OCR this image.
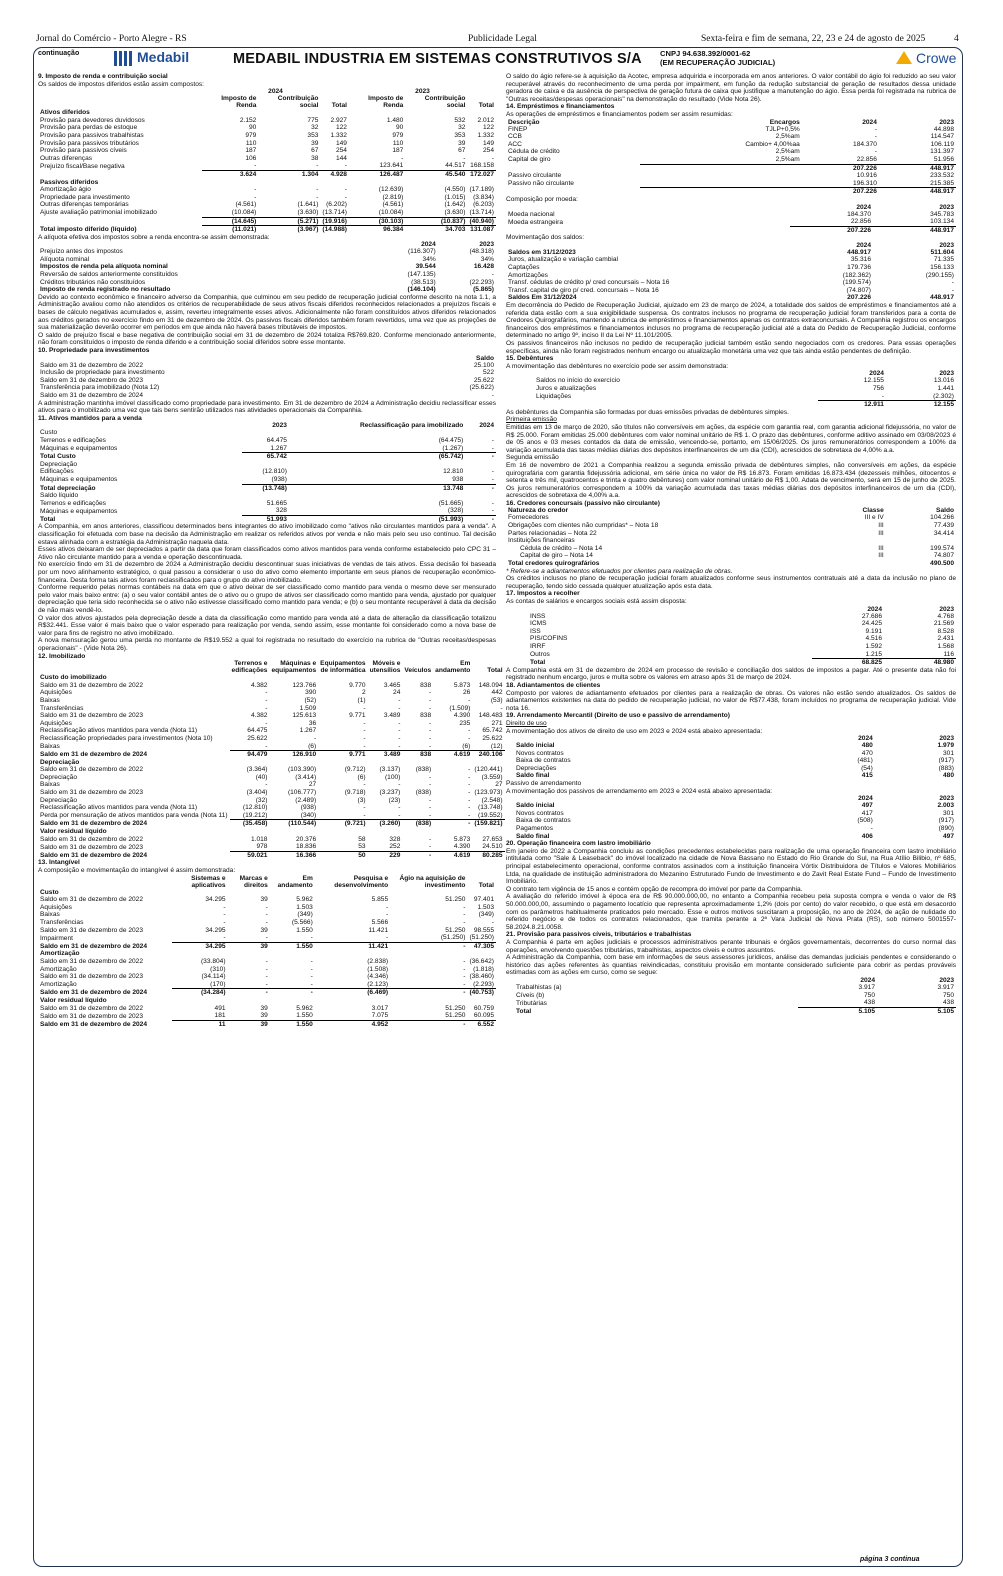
Jornal do Comércio - Porto Alegre - RS	Publicidade Legal	Sexta-feira e fim de semana, 22, 23 e 24 de agosto de 2025	4
continuação	Medabil	MEDABIL INDUSTRIA EM SISTEMAS CONSTRUTIVOS S/A CNPJ 94.638.392/0001-62
(EM RECUPERAÇÃO JUDICIAL)	Crowe
9. Imposto de renda e contribuição social
Os saldos de impostos diferidos estão assim compostos:
	2024			2023		
	Imposto de Renda	Contribuição social	Total	Imposto de Renda	Contribuição social	Total
Ativos diferidos						
Provisão para devedores duvidosos	2.152	775	2.927	1.480	532	2.012
Provisão para perdas de estoque	90	32	122	90	32	122
Provisão para passivos trabalhistas	979	353	1.332	979	353	1.332
Provisão para passivos tributários	110	39	149	110	39	149
Provisão para passivos cíveis	187	67	254	187	67	254
Outras diferenças	106	38	144	-	-	-
Prejuízo fiscal/Base negativa	-	-	-	123.641	44.517	168.158
	3.624	1.304	4.928	126.487	45.540	172.027
Passivos diferidos						
Amortização ágio	-	-	-	(12.639)	(4.550)	(17.189)
Propriedade para investimento	-	-	-	(2.819)	(1.015)	(3.834)
Outras diferenças temporárias	(4.561)	(1.641)	(6.202)	(4.561)	(1.642)	(6.203)
Ajuste avaliação patrimonial imobilizado	(10.084)	(3.630)	(13.714)	(10.084)	(3.630)	(13.714)
	(14.645)	(5.271)	(19.916)	(30.103)	(10.837)	(40.940)
Total imposto diferido (líquido)	(11.021)	(3.967)	(14.988)	96.384	34.703	131.087
A alíquota efetiva dos impostos sobre a renda encontra-se assim demonstrada:
	2024	2023
Prejuízo antes dos impostos	(116.307)	(48.318)
Alíquota nominal	34%	34%
Impostos de renda pela alíquota nominal	39.544	16.428
Reversão de saldos anteriormente constituídos	(147.135)	-
Créditos tributários não constituídos	(38.513)	(22.293)
Imposto de renda registrado no resultado	(146.104)	(5.865)

Devido ao contexto econômico e financeiro adverso da Companhia, que culminou em seu pedido de recuperação judicial conforme descrito na nota 1.1, a Administração avaliou como não atendidos os critérios de recuperabilidade de seus ativos fiscais diferidos reconhecidos relacionados a prejuízos fiscais e bases de cálculo negativas acumulados e, assim, reverteu integralmente esses ativos. Adicionalmente não foram constituídos ativos diferidos relacionados aos créditos gerados no exercício findo em 31 de dezembro de 2024. Os passivos fiscais diferidos também foram revertidos, uma vez que as projeções de sua materialização deverão ocorrer em períodos em que ainda não haverá bases tributáveis de impostos.

O saldo de prejuízo fiscal e base negativa de contribuição social em 31 de dezembro de 2024 totaliza R$769.820. Conforme mencionado anteriormente, não foram constituídos o imposto de renda diferido e a contribuição social diferidos sobre esse montante.

10. Propriedade para investimentos
	Saldo
Saldo em 31 de dezembro de 2022	25.100
Inclusão de propriedade para investimento	522
Saldo em 31 de dezembro de 2023	25.622
Transferência para imobilizado (Nota 12)	(25.622)
Saldo em 31 de dezembro de 2024	-

A administração mantinha imóvel classificado como propriedade para investimento. Em 31 de dezembro de 2024 a Administração decidiu reclassificar esses ativos para o imobilizado uma vez que tais bens sentirão utilizados nas atividades operacionais da Companhia.

11. Ativos mantidos para a venda
	2023	Reclassificação para imobilizado	2024
Custo			
Terrenos e edificações	64.475	(64.475)	-
Máquinas e equipamentos	1.267	(1.267)	-
Total Custo	65.742	(65.742)	-
Depreciação			
Edificações	(12.810)	12.810	-
Máquinas e equipamentos	(938)	938	-
Total depreciação	(13.748)	13.748	-
Saldo líquido			
Terrenos e edificações	51.665	(51.665)	-
Máquinas e equipamentos	328	(328)	-
Total	51.993	(51.993)	-

A Companhia, em anos anteriores, classificou determinados bens integrantes do ativo imobilizado como "ativos não circulantes mantidos para a venda". A classificação foi efetuada com base na decisão da Administração em realizar os referidos ativos por venda e não mais pelo seu uso contínuo. Tal decisão estava alinhada com a estratégia da Administração naquela data.

Esses ativos deixaram de ser depreciados a partir da data que foram classificados como ativos mantidos para venda conforme estabelecido pelo CPC 31 – Ativo não circulante mantido para a venda e operação descontinuada.

No exercício findo em 31 de dezembro de 2024 a Administração decidiu descontinuar suas iniciativas de vendas de tais ativos. Essa decisão foi baseada por um novo alinhamento estratégico, o qual passou a considerar o uso do ativo como elemento importante em seus planos de recuperação econômico-financeira. Desta forma tais ativos foram reclassificados para o grupo do ativo imobilizado.

Conforme requerido pelas normas contábeis na data em que o ativo deixar de ser classificado como mantido para venda o mesmo deve ser mensurado pelo valor mais baixo entre: (a) o seu valor contábil antes de o ativo ou o grupo de ativos ser classificado como mantido para venda, ajustado por qualquer depreciação que teria sido reconhecida se o ativo não estivesse classificado como mantido para venda; e (b) o seu montante recuperável à data da decisão de não mais vendê-lo.

O valor dos ativos ajustados pela depreciação desde a data da classificação como mantido para venda até a data de alteração da classificação totalizou R$32.441. Esse valor é mais baixo que o valor esperado para realização por venda, sendo assim, esse montante foi considerado como a nova base de valor para fins de registro no ativo imobilizado.

A nova mensuração gerou uma perda no montante de R$19.552 a qual foi registrada no resultado do exercício na rubrica de "Outras receitas/despesas operacionais" - (Vide Nota 26).

12. Imobilizado
	Terrenos e edificações	Máquinas e equipamentos	Equipamentos de informática	Móveis e utensílios	Veículos	Em andamento	Total
Custo do imobilizado							
Saldo em 31 de dezembro de 2022	4.382	123.766	9.770	3.465	838	5.873	148.094
Aquisições	-	390	2	24	-	26	442
Baixas	-	(52)	(1)	-	-	-	(53)
Transferências	-	1.509	-	-	-	(1.509)	-
Saldo em 31 de dezembro de 2023	4.382	125.613	9.771	3.489	838	4.390	148.483
Aquisições	-	36	-	-	-	235	271
Reclassificação ativos mantidos para venda (Nota 11)	64.475	1.267	-	-	-	-	65.742
Reclassificação propriedades para investimentos (Nota 10)	25.622	-	-	-	-	-	25.622
Baixas	-	(6)	-	-	-	(6)	(12)
Saldo em 31 de dezembro de 2024	94.479	126.910	9.771	3.489	838	4.619	240.106
Depreciação							
Saldo em 31 de dezembro de 2022	(3.364)	(103.390)	(9.712)	(3.137)	(838)	-	(120.441)
Depreciação	(40)	(3.414)	(6)	(100)	-	-	(3.559)
Baixas	-	27	-	-	-	-	27
Saldo em 31 de dezembro de 2023	(3.404)	(106.777)	(9.718)	(3.237)	(838)	-	(123.973)
Depreciação	(32)	(2.489)	(3)	(23)	-	-	(2.548)
Reclassificação ativos mantidos para venda (Nota 11)	(12.810)	(938)	-	-	-	-	(13.748)
Perda por mensuração de ativos mantidos para venda (Nota 11)	(19.212)	(340)	-	-	-	-	(19.552)
Saldo em 31 de dezembro de 2024	(35.458)	(110.544)	(9.721)	(3.260)	(838)	-	(159.821)
Valor residual líquido							
Saldo em 31 de dezembro de 2022	1.018	20.376	58	328	-	5.873	27.653
Saldo em 31 de dezembro de 2023	978	18.836	53	252	-	4.390	24.510
Saldo em 31 de dezembro de 2024	59.021	16.366	50	229	-	4.619	80.285
13. Intangível
A composição e movimentação do intangível é assim demonstrada:
	Sistemas e aplicativos	Marcas e direitos	Em andamento	Pesquisa e desenvolvimento	Ágio na aquisição de investimento	Total
Custo						
Saldo em 31 de dezembro de 2022	34.295	39	5.962	5.855	51.250	97.401
Aquisições	-	-	1.503	-	-	1.503
Baixas	-	-	(349)	-	-	(349)
Transferências	-	-	(5.566)	5.566	-	-
Saldo em 31 de dezembro de 2023	34.295	39	1.550	11.421	51.250	98.555
Impairment	-	-	-	-	(51.250)	(51.250)
Saldo em 31 de dezembro de 2024	34.295	39	1.550	11.421	-	47.305
Amortização						
Saldo em 31 de dezembro de 2022	(33.804)	-	-	(2.838)	-	(36.642)
Amortização	(310)	-	-	(1.508)	-	(1.818)
Saldo em 31 de dezembro de 2023	(34.114)	-	-	(4.346)	-	(38.460)
Amortização	(170)	-	-	(2.123)	-	(2.293)
Saldo em 31 de dezembro de 2024	(34.284)	-	-	(6.469)	-	(40.753)
Valor residual líquido						
Saldo em 31 de dezembro de 2022	491	39	5.962	3.017	51.250	60.759
Saldo em 31 de dezembro de 2023	181	39	1.550	7.075	51.250	60.095
Saldo em 31 de dezembro de 2024	11	39	1.550	4.952	-	6.552

O saldo do ágio refere-se à aquisição da Acotec, empresa adquirida e incorporada em anos anteriores. O valor contábil do ágio foi reduzido ao seu valor recuperável através do reconhecimento de uma perda por impairment, em função da redução substancial de geração de resultados dessa unidade geradora de caixa e da ausência de perspectiva de geração futura de caixa que justifique a manutenção do ágio. Essa perda foi registrada na rubrica de "Outras receitas/despesas operacionais" na demonstração do resultado (Vide Nota 26).

14. Empréstimos e financiamentos
As operações de empréstimos e financiamentos podem ser assim resumidas:
Descrição	Encargos	2024	2023
FINEP	TJLP+0,5%	-	44.898
CCB	2,5%am	-	114.547
ACC	Cambio+ 4,00%aa	184.370	106.119
Cédula de crédito	2,5%am	-	131.397
Capital de giro	2,5%am	22.856	51.956
		207.226	448.917
Passivo circulante		10.916	233.532
Passivo não circulante		196.310	215.385
		207.226	448.917
Composição por moeda:
	2024	2023
Moeda nacional	184.370	345.783
Moeda estrangeira	22.856	103.134
	207.226	448.917
Movimentação dos saldos:
	2024	2023
Saldos em 31/12/2023	448.917	511.604
Juros, atualização e variação cambial	35.316	71.335
Captações	179.736	156.133
Amortizações	(182.362)	(290.155)
Transf. cédulas de crédito p/ cred concursais – Nota 16	(199.574)	-
Transf. capital de giro p/ cred. concursais – Nota 16	(74.807)	-
Saldos Em 31/12/2024	207.226	448.917

Em decorrência do Pedido de Recuperação Judicial, ajuizado em 23 de março de 2024, a totalidade dos saldos de empréstimos e financiamentos até a referida data estão com a sua exigibilidade suspensa. Os contratos inclusos no programa de recuperação judicial foram transferidos para a conta de Credores Quirografários, mantendo a rubrica de empréstimos e financiamentos apenas os contratos extraconcursais. A Companhia registrou os encargos financeiros dos empréstimos e financiamentos inclusos no programa de recuperação judicial até a data do Pedido de Recuperação Judicial, conforme determinado no artigo 9º, inciso II da Lei Nº 11.101/2005.

Os passivos financeiros não inclusos no pedido de recuperação judicial também estão sendo negociados com os credores. Para essas operações específicas, ainda não foram registrados nenhum encargo ou atualização monetária uma vez que tais ainda estão pendentes de definição.

15. Debêntures
A movimentação das debêntures no exercício pode ser assim demonstrada:
	2024	2023
Saldos no início do exercício	12.155	13.016
Juros e atualizações	756	1.441
Liquidações	-	(2.302)
	12.911	12.155

As debêntures da Companhia são formadas por duas emissões privadas de debêntures simples.

Primeira emissão

Emitidas em 13 de março de 2020, são títulos não conversíveis em ações, da espécie com garantia real, com garantia adicional fidejussória, no valor de R$ 25.000. Foram emitidas 25.000 debêntures com valor nominal unitário de R$ 1. O prazo das debêntures, conforme aditivo assinado em 03/08/2023 é de 05 anos e 03 meses contados da data de emissão, vencendo-se, portanto, em 15/06/2025. Os juros remuneratórios correspondem a 100% da variação acumulada das taxas médias diárias dos depósitos interfinanceiros de um dia (CDI), acrescidos de sobretaxa de 4,00% a.a.

Segunda emissão

Em 16 de novembro de 2021 a Companhia realizou a segunda emissão privada de debêntures simples, não conversíveis em ações, da espécie quirografária com garantia fidejussória adicional, em série única no valor de R$ 16.873. Foram emitidas 16.873.434 (dezesseis milhões, oitocentos e setenta e três mil, quatrocentos e trinta e quatro debêntures) com valor nominal unitário de R$ 1,00. Adata de vencimento, será em 15 de junho de 2025. Os juros remuneratórios correspondem a 100% da variação acumulada das taxas médias diárias dos depósitos interfinanceiros de um dia (CDI), acrescidos de sobretaxa de 4,00% a.a.

16. Credores concursais (passivo não circulante)
Natureza do credor	Classe	Saldo
Fornecedores	III e IV	104.266
Obrigações com clientes não cumpridas* – Nota 18	III	77.439
Partes relacionadas – Nota 22	III	34.414
Instituições financeiras		
Cédula de crédito – Nota 14	III	199.574
Capital de giro – Nota 14	III	74.807
Total credores quirografários		490.500
* Refere-se a adiantamentos efetuados por clientes para realização de obras.

Os créditos inclusos no plano de recuperação judicial foram atualizados conforme seus instrumentos contratuais até a data da inclusão no plano de recuperação, tendo sido cessada qualquer atualização após esta data.

17. Impostos a recolher
As contas de salários e encargos sociais está assim disposta:
	2024	2023
INSS	27.686	4.768
ICMS	24.425	21.569
ISS	9.191	8.528
PIS/COFINS	4.516	2.431
IRRF	1.592	1.568
Outros	1.215	116
Total	68.825	48.980

A Companhia está em 31 de dezembro de 2024 em processo de revisão e conciliação dos saldos de impostos a pagar. Até o presente data não foi registrado nenhum encargo, juros e multa sobre os valores em atraso após 31 de março de 2024.

18. Adiantamentos de clientes

Composto por valores de adiantamento efetuados por clientes para a realização de obras. Os valores não estão sendo atualizados. Os saldos de adiantamentos existentes na data do pedido de recuperação judicial, no valor de R$77.438, foram incluídos no programa de recuperação judicial. Vide nota 16.

19. Arrendamento Mercantil (Direito de uso e passivo de arrendamento)
Direito de uso
A movimentação dos ativos de direito de uso em 2023 e 2024 está abaixo apresentada:
	2024	2023
Saldo inicial	480	1.979
Novos contratos	470	301
Baixa de contratos	(481)	(917)
Depreciações	(54)	(883)
Saldo final	415	480
Passivo de arrendamento
A movimentação dos passivos de arrendamento em 2023 e 2024 está abaixo apresentada:
	2024	2023
Saldo inicial	497	2.003
Novos contratos	417	301
Baixa de contratos	(508)	(917)
Pagamentos	-	(890)
Saldo final	406	497
20. Operação financeira com lastro imobiliário

Em janeiro de 2022 a Companhia concluiu as condições precedentes estabelecidas para realização de uma operação financeira com lastro imobiliário intitulada como "Sale & Leaseback" do imóvel localizado na cidade de Nova Bassano no Estado do Rio Grande do Sul, na Rua Atílio Bilibio, nº 685, principal estabelecimento operacional, conforme contratos assinados com a instituição financeira Vórtix Distribuidora de Títulos e Valores Mobiliários Ltda, na qualidade de instituição administradora do Mezanino Estruturado Fundo de Investimento e do Zavit Real Estate Fund – Fundo de Investimento Imobiliário.

O contrato tem vigência de 15 anos e contém opção de recompra do imóvel por parte da Companhia.

A avaliação do referido imóvel à época era de R$ 90.000.000,00, no entanto a Companhia recebeu pela suposta compra e venda o valor de R$ 50.000.000,00, assumindo o pagamento locatício que representa aproximadamente 1,2% (dois por cento) do valor recebido, o que está em desacordo com os parâmetros habitualmente praticados pelo mercado. Esse e outros motivos suscitaram a proposição, no ano de 2024, de ação de nulidade do referido negócio e de todos os contratos relacionados, que tramita perante a 2ª Vara Judicial de Nova Prata (RS), sob número 5001557-58.2024.8.21.0058.

21. Provisão para passivos cíveis, tributários e trabalhistas

A Companhia é parte em ações judiciais e processos administrativos perante tribunais e órgãos governamentais, decorrentes do curso normal das operações, envolvendo questões tributárias, trabalhistas, aspectos cíveis e outros assuntos.

A Administração da Companhia, com base em informações de seus assessores jurídicos, análise das demandas judiciais pendentes e considerando o histórico das ações referentes às quantias reivindicadas, constituiu provisão em montante considerado suficiente para cobrir as perdas prováveis estimadas com as ações em curso, como se segue:

	2024	2023
Trabalhistas (a)	3.917	3.917
Cíveis (b)	750	750
Tributárias	438	438
Total	5.105	5.105
página 3 continua
